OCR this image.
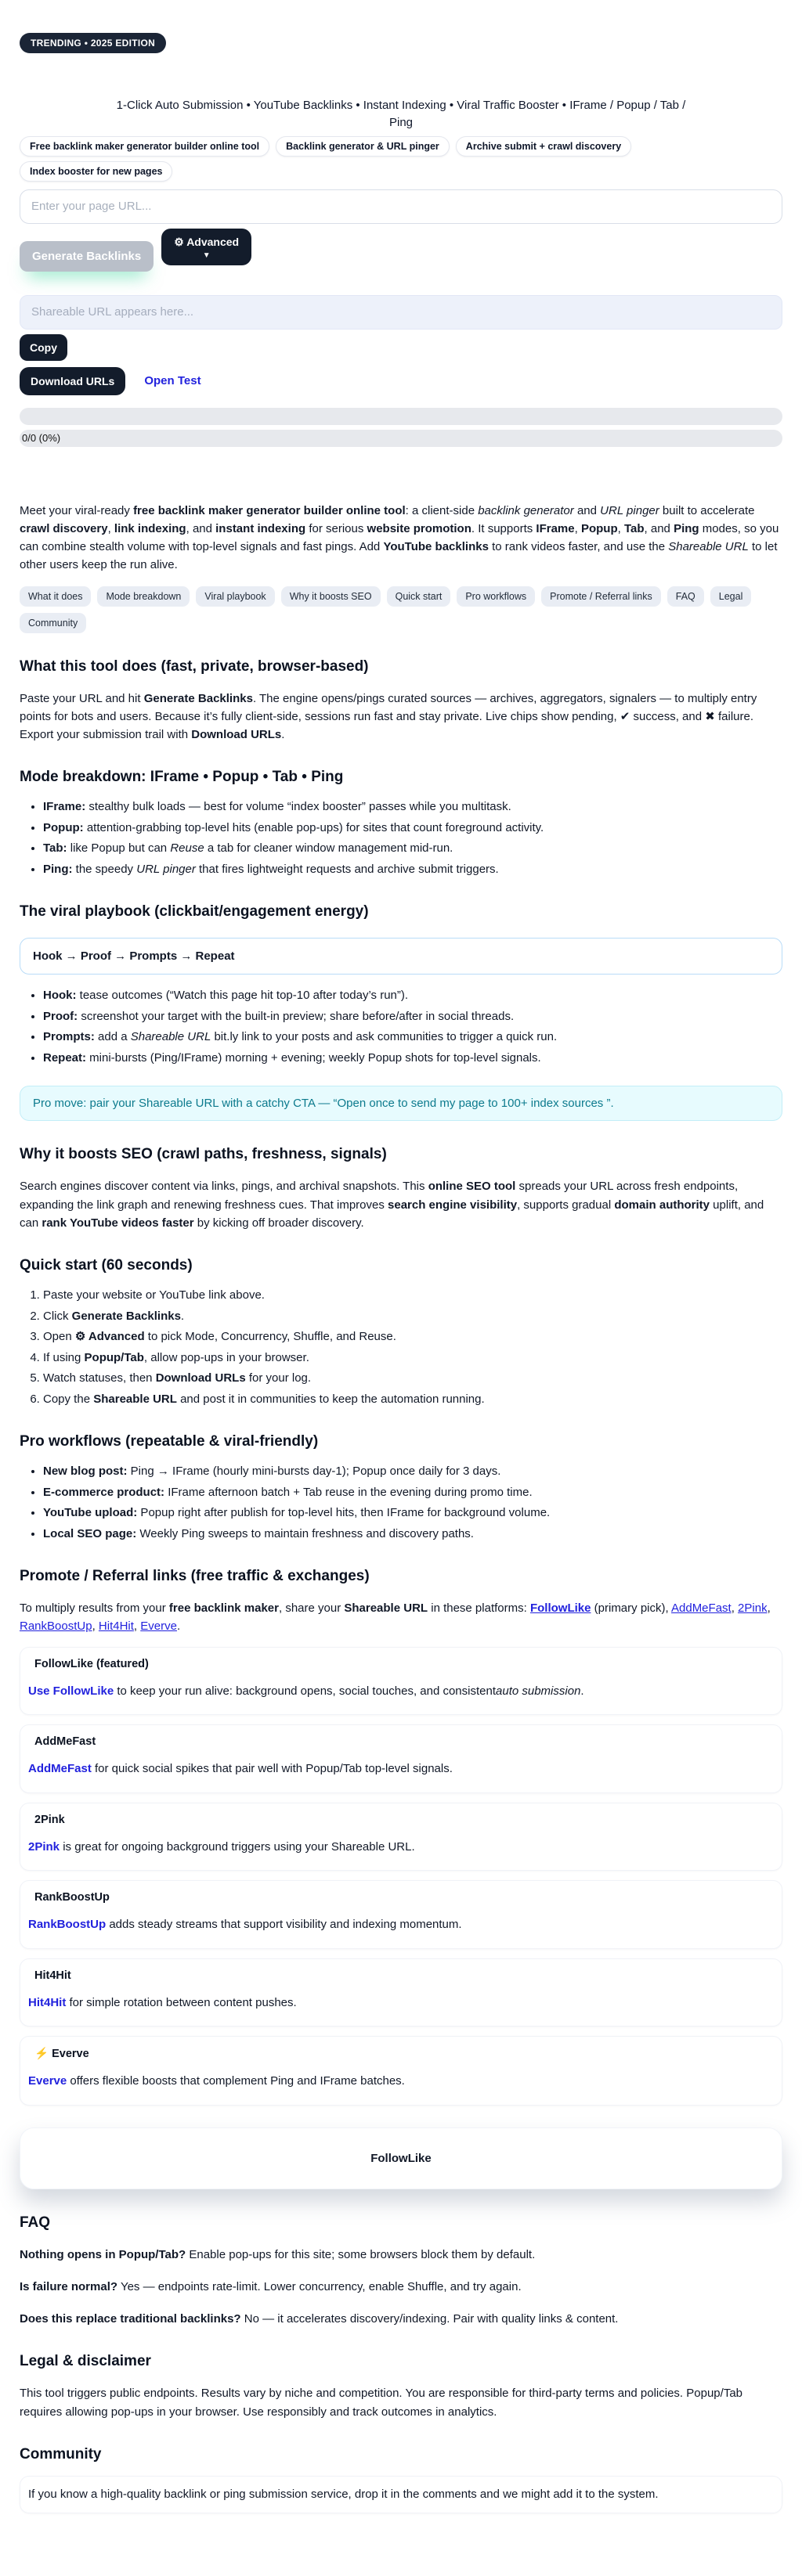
TRENDING • 2025 EDITION
1-Click Auto Submission • YouTube Backlinks • Instant Indexing • Viral Traffic Booster • IFrame / Popup / Tab / Ping
Free backlink maker generator builder online tool	Backlink generator & URL pinger	Archive submit + crawl discovery
Index booster for new pages
Enter your page URL...
Generate Backlinks
⚙ Advanced
▼
Shareable URL appears here... Copy
Download URLs	Open Test
0/0 (0%)

Meet your viral-ready free backlink maker generator builder online tool: a client-side backlink generator and URL pinger built to accelerate crawl discovery, link indexing, and instant indexing for serious website promotion. It supports IFrame, Popup, Tab, and Ping modes, so you can combine stealth volume with top-level signals and fast pings. Add YouTube backlinks to rank videos faster, and use the Shareable URL to let other users keep the run alive.

What it does	Mode breakdown	Viral playbook	Why it boosts SEO	Quick start	Pro workflows	Promote / Referral links	FAQ	Legal
Community
What this tool does (fast, private, browser-based)

Paste your URL and hit Generate Backlinks. The engine opens/pings curated sources — archives, aggregators, signalers — to multiply entry points for bots and users. Because it’s fully client-side, sessions run fast and stay private. Live chips show pending, ✔ success, and ✖ failure. Export your submission trail with Download URLs.

Mode breakdown: IFrame • Popup • Tab • Ping
• IFrame: stealthy bulk loads — best for volume “index booster” passes while you multitask.
• Popup: attention-grabbing top-level hits (enable pop-ups) for sites that count foreground activity.
• Tab: like Popup but can Reuse a tab for cleaner window management mid-run.
• Ping: the speedy URL pinger that fires lightweight requests and archive submit triggers.
The viral playbook (clickbait/engagement energy)
Hook → Proof → Prompts → Repeat
• Hook: tease outcomes (“Watch this page hit top-10 after today’s run”).
• Proof: screenshot your target with the built-in preview; share before/after in social threads.
• Prompts: add a Shareable URL bit.ly link to your posts and ask communities to trigger a quick run.
• Repeat: mini-bursts (Ping/IFrame) morning + evening; weekly Popup shots for top-level signals.
Pro move: pair your Shareable URL with a catchy CTA — “Open once to send my page to 100+ index sources ”.
Why it boosts SEO (crawl paths, freshness, signals)

Search engines discover content via links, pings, and archival snapshots. This online SEO tool spreads your URL across fresh endpoints, expanding the link graph and renewing freshness cues. That improves search engine visibility, supports gradual domain authority uplift, and can rank YouTube videos faster by kicking off broader discovery.

Quick start (60 seconds)
1. Paste your website or YouTube link above.
2. Click Generate Backlinks.
3. Open ⚙ Advanced to pick Mode, Concurrency, Shuffle, and Reuse.
4. If using Popup/Tab, allow pop-ups in your browser.
5. Watch statuses, then Download URLs for your log.
6. Copy the Shareable URL and post it in communities to keep the automation running.
Pro workflows (repeatable & viral-friendly)
• New blog post: Ping → IFrame (hourly mini-bursts day-1); Popup once daily for 3 days.
• E-commerce product: IFrame afternoon batch + Tab reuse in the evening during promo time.
• YouTube upload: Popup right after publish for top-level hits, then IFrame for background volume.
• Local SEO page: Weekly Ping sweeps to maintain freshness and discovery paths.
Promote / Referral links (free traffic & exchanges)

To multiply results from your free backlink maker, share your Shareable URL in these platforms: FollowLike (primary pick), AddMeFast, 2Pink, RankBoostUp, Hit4Hit, Everve.

FollowLike (featured)

Use FollowLike to keep your run alive: background opens, social touches, and consistentauto submission.

AddMeFast

AddMeFast for quick social spikes that pair well with Popup/Tab top-level signals.

2Pink

2Pink is great for ongoing background triggers using your Shareable URL.

RankBoostUp

RankBoostUp adds steady streams that support visibility and indexing momentum.

Hit4Hit

Hit4Hit for simple rotation between content pushes.

⚡ Everve

Everve offers flexible boosts that complement Ping and IFrame batches.

FollowLike
FAQ

Nothing opens in Popup/Tab? Enable pop-ups for this site; some browsers block them by default.

Is failure normal? Yes — endpoints rate-limit. Lower concurrency, enable Shuffle, and try again.

Does this replace traditional backlinks? No — it accelerates discovery/indexing. Pair with quality links & content.

Legal & disclaimer

This tool triggers public endpoints. Results vary by niche and competition. You are responsible for third-party terms and policies. Popup/Tab requires allowing pop-ups in your browser. Use responsibly and track outcomes in analytics.

Community
If you know a high-quality backlink or ping submission service, drop it in the comments and we might add it to the system.
